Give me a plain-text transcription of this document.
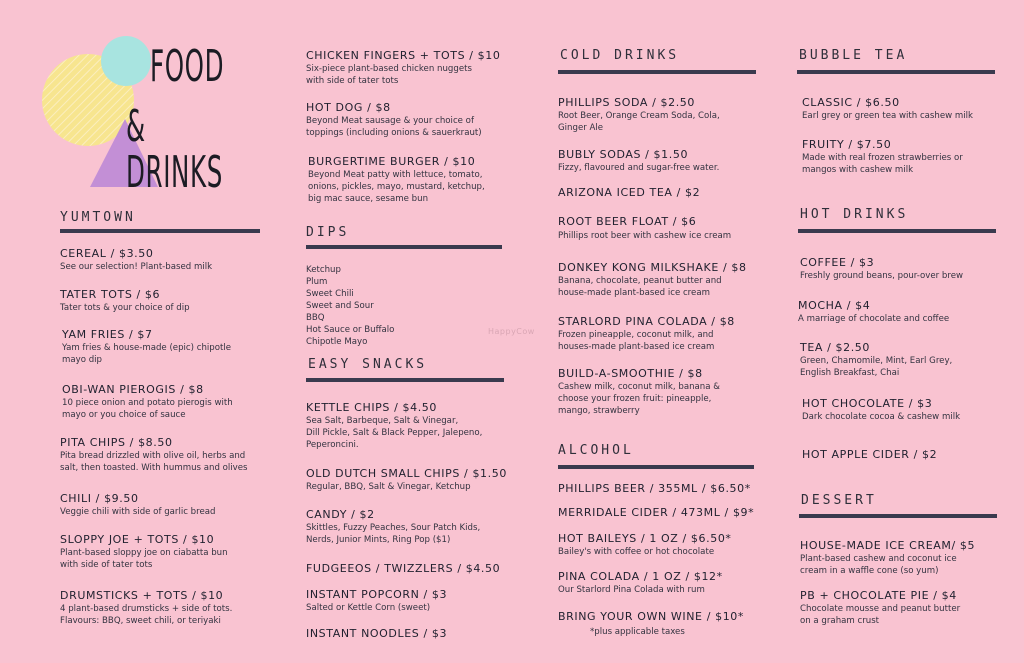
FOOD
& DRINKS
HappyCow
YUMTOWN
CEREAL / $3.50
See our selection! Plant-based milk
TATER TOTS / $6
Tater tots & your choice of dip
YAM FRIES / $7
Yam fries & house-made (epic) chipotle
mayo dip
OBI-WAN PIEROGIS / $8
10 piece onion and potato pierogis with
mayo or you choice of sauce
PITA CHIPS / $8.50
Pita bread drizzled with olive oil, herbs and
salt, then toasted. With hummus and olives
CHILI / $9.50
Veggie chili with side of garlic bread
SLOPPY JOE + TOTS / $10
Plant-based sloppy joe on ciabatta bun
with side of tater tots
DRUMSTICKS + TOTS / $10
4 plant-based drumsticks + side of tots.
Flavours: BBQ, sweet chili, or teriyaki
CHICKEN FINGERS + TOTS / $10
Six-piece plant-based chicken nuggets
with side of tater tots
HOT DOG / $8
Beyond Meat sausage & your choice of
toppings (including onions & sauerkraut)
BURGERTIME BURGER / $10
Beyond Meat patty with lettuce, tomato,
onions, pickles, mayo, mustard, ketchup,
big mac sauce, sesame bun
DIPS
Ketchup
Plum
Sweet Chili
Sweet and Sour
BBQ
Hot Sauce or Buffalo
Chipotle Mayo
EASY SNACKS
KETTLE CHIPS / $4.50
Sea Salt, Barbeque, Salt & Vinegar,
Dill Pickle, Salt & Black Pepper, Jalepeno,
Peperoncini.
OLD DUTCH SMALL CHIPS / $1.50
Regular, BBQ, Salt & Vinegar, Ketchup
CANDY / $2
Skittles, Fuzzy Peaches, Sour Patch Kids,
Nerds, Junior Mints, Ring Pop ($1)
FUDGEEOS / TWIZZLERS / $4.50
INSTANT POPCORN / $3
Salted or Kettle Corn (sweet)
INSTANT NOODLES / $3
COLD DRINKS
PHILLIPS SODA / $2.50
Root Beer, Orange Cream Soda, Cola,
Ginger Ale
BUBLY SODAS / $1.50
Fizzy, flavoured and sugar-free water.
ARIZONA ICED TEA / $2
ROOT BEER FLOAT / $6
Phillips root beer with cashew ice cream
DONKEY KONG MILKSHAKE / $8
Banana, chocolate, peanut butter and
house-made plant-based ice cream
STARLORD PINA COLADA / $8
Frozen pineapple, coconut milk, and
houses-made plant-based ice cream
BUILD-A-SMOOTHIE / $8
Cashew milk, coconut milk, banana &
choose your frozen fruit: pineapple,
mango, strawberry
ALCOHOL
PHILLIPS BEER / 355ML / $6.50*
MERRIDALE CIDER / 473ML / $9*
HOT BAILEYS / 1 OZ / $6.50*
Bailey's with coffee or hot chocolate
PINA COLADA / 1 OZ / $12*
Our Starlord Pina Colada with rum
BRING YOUR OWN WINE / $10*
*plus applicable taxes
BUBBLE TEA
CLASSIC / $6.50
Earl grey or green tea with cashew milk
FRUITY / $7.50
Made with real frozen strawberries or
mangos with cashew milk
HOT DRINKS
COFFEE / $3
Freshly ground beans, pour-over brew
MOCHA / $4
A marriage of chocolate and coffee
TEA / $2.50
Green, Chamomile, Mint, Earl Grey,
English Breakfast, Chai
HOT CHOCOLATE / $3
Dark chocolate cocoa & cashew milk
HOT APPLE CIDER / $2
DESSERT
HOUSE-MADE ICE CREAM/ $5
Plant-based cashew and coconut ice
cream in a waffle cone (so yum)
PB + CHOCOLATE PIE / $4
Chocolate mousse and peanut butter
on a graham crust
